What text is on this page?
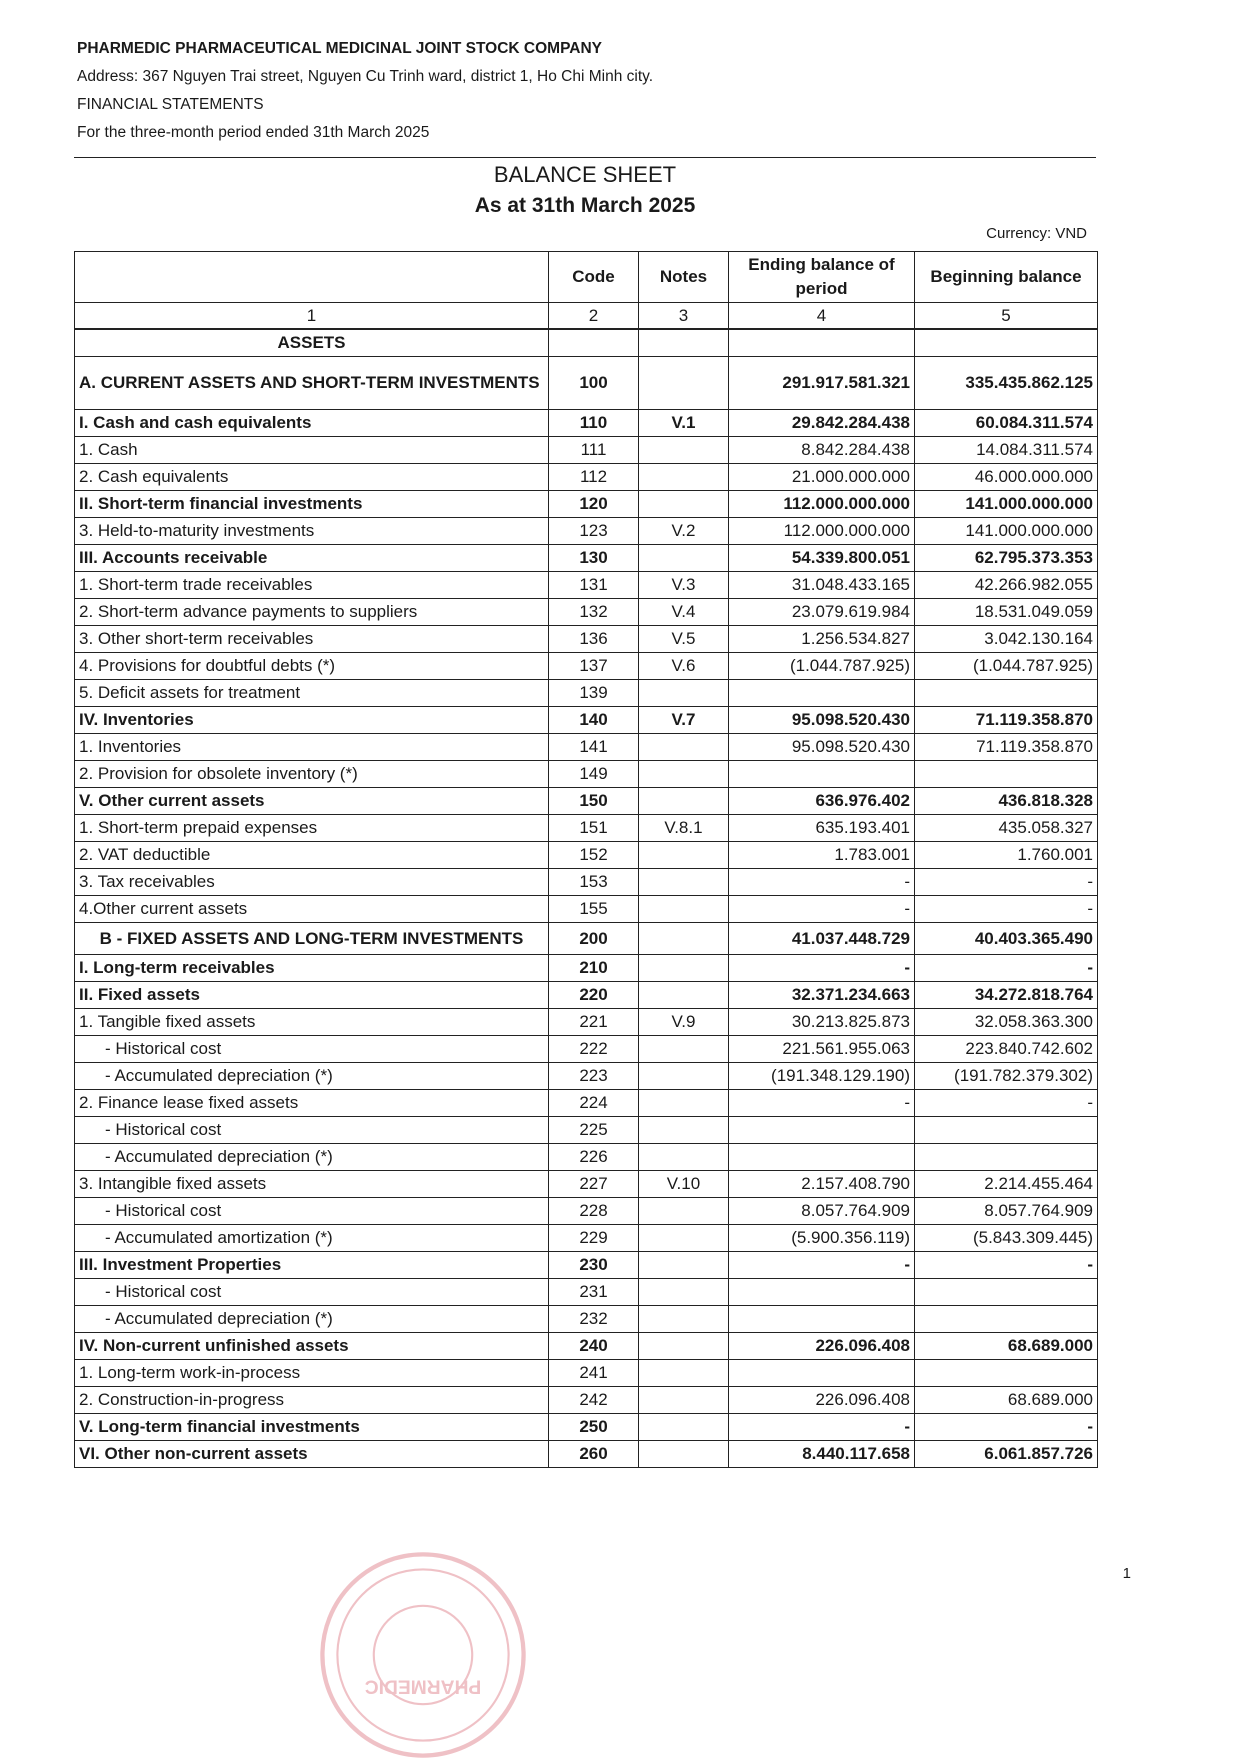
PHARMEDIC PHARMACEUTICAL MEDICINAL JOINT STOCK COMPANY
Address: 367 Nguyen Trai street, Nguyen Cu Trinh ward, district 1, Ho Chi Minh city.
FINANCIAL STATEMENTS
For the three-month period ended 31th March 2025
BALANCE SHEET
As at 31th March 2025
Currency: VND
	Code	Notes	Ending balance of period	Beginning balance
1	2	3	4	5
ASSETS				
A. CURRENT ASSETS AND SHORT-TERM INVESTMENTS	100		291.917.581.321	335.435.862.125
I. Cash and cash equivalents	110	V.1	29.842.284.438	60.084.311.574
1. Cash	111		8.842.284.438	14.084.311.574
2. Cash equivalents	112		21.000.000.000	46.000.000.000
II. Short-term financial investments	120		112.000.000.000	141.000.000.000
3. Held-to-maturity investments	123	V.2	112.000.000.000	141.000.000.000
III. Accounts receivable	130		54.339.800.051	62.795.373.353
1. Short-term trade receivables	131	V.3	31.048.433.165	42.266.982.055
2. Short-term advance payments to suppliers	132	V.4	23.079.619.984	18.531.049.059
3. Other short-term receivables	136	V.5	1.256.534.827	3.042.130.164
4. Provisions for doubtful debts (*)	137	V.6	(1.044.787.925)	(1.044.787.925)
5. Deficit assets for treatment	139			
IV. Inventories	140	V.7	95.098.520.430	71.119.358.870
1. Inventories	141		95.098.520.430	71.119.358.870
2. Provision for obsolete inventory (*)	149			
V. Other current assets	150		636.976.402	436.818.328
1. Short-term prepaid expenses	151	V.8.1	635.193.401	435.058.327
2. VAT deductible	152		1.783.001	1.760.001
3. Tax receivables	153		-	-
4.Other current assets	155		-	-
B - FIXED ASSETS AND LONG-TERM INVESTMENTS	200		41.037.448.729	40.403.365.490
I. Long-term receivables	210		-	-
II. Fixed assets	220		32.371.234.663	34.272.818.764
1. Tangible fixed assets	221	V.9	30.213.825.873	32.058.363.300
- Historical cost	222		221.561.955.063	223.840.742.602
- Accumulated depreciation (*)	223		(191.348.129.190)	(191.782.379.302)
2. Finance lease fixed assets	224		-	-
- Historical cost	225			
- Accumulated depreciation (*)	226			
3. Intangible fixed assets	227	V.10	2.157.408.790	2.214.455.464
- Historical cost	228		8.057.764.909	8.057.764.909
- Accumulated amortization (*)	229		(5.900.356.119)	(5.843.309.445)
III. Investment Properties	230		-	-
- Historical cost	231			
- Accumulated depreciation (*)	232			
IV. Non-current unfinished assets	240		226.096.408	68.689.000
1. Long-term work-in-process	241			
2. Construction-in-progress	242		226.096.408	68.689.000
V. Long-term financial investments	250		-	-
VI. Other non-current assets	260		8.440.117.658	6.061.857.726
1
PHARMEDIC
